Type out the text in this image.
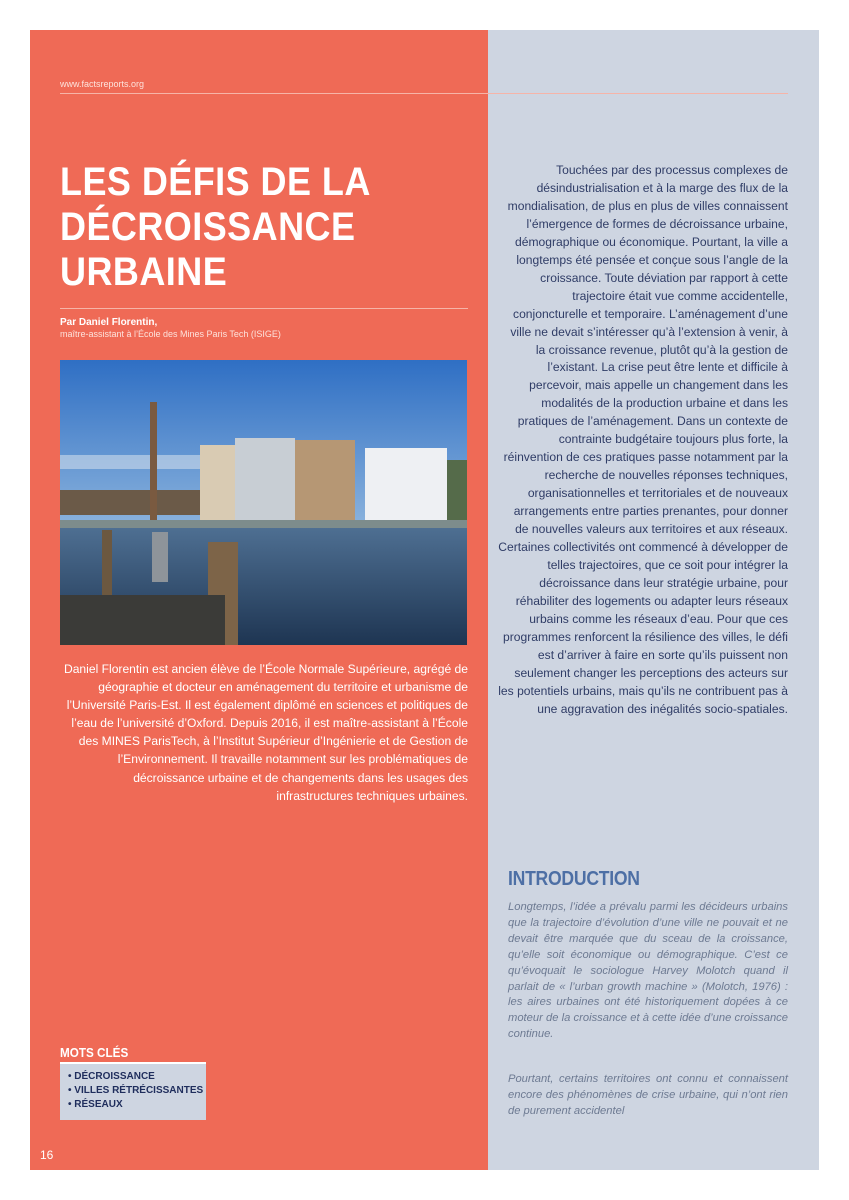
www.factsreports.org
LES DÉFIS DE LA DÉCROISSANCE URBAINE
Par Daniel Florentin,
maître-assistant à l’École des Mines Paris Tech (ISIGE)

Daniel Florentin est ancien élève de l’École Normale Supérieure, agrégé de géographie et docteur en aménagement du territoire et urbanisme de l’Université Paris-Est. Il est également diplômé en sciences et politiques de l’eau de l’université d’Oxford. Depuis 2016, il est maître-assistant à l’École des MINES ParisTech, à l’Institut Supérieur d’Ingénierie et de Gestion de l’Environnement. Il travaille notamment sur les problématiques de décroissance urbaine et de changements dans les usages des infrastructures techniques urbaines.

Touchées par des processus complexes de désindustrialisation et à la marge des flux de la mondialisation, de plus en plus de villes connaissent l’émergence de formes de décroissance urbaine, démographique ou économique. Pourtant, la ville a longtemps été pensée et conçue sous l’angle de la croissance. Toute déviation par rapport à cette trajectoire était vue comme accidentelle, conjoncturelle et temporaire. L’aménagement d’une ville ne devait s’intéresser qu’à l’extension à venir, à la croissance revenue, plutôt qu’à la gestion de l’existant. La crise peut être lente et difficile à percevoir, mais appelle un changement dans les modalités de la production urbaine et dans les pratiques de l’aménagement. Dans un contexte de contrainte budgétaire toujours plus forte, la réinvention de ces pratiques passe notamment par la recherche de nouvelles réponses techniques, organisationnelles et territoriales et de nouveaux arrangements entre parties prenantes, pour donner de nouvelles valeurs aux territoires et aux réseaux. Certaines collectivités ont commencé à développer de telles trajectoires, que ce soit pour intégrer la décroissance dans leur stratégie urbaine, pour réhabiliter des logements ou adapter leurs réseaux urbains comme les réseaux d’eau. Pour que ces programmes renforcent la résilience des villes, le défi est d’arriver à faire en sorte qu’ils puissent non seulement changer les perceptions des acteurs sur les potentiels urbains, mais qu’ils ne contribuent pas à une aggravation des inégalités socio-spatiales.

INTRODUCTION

Longtemps, l’idée a prévalu parmi les décideurs urbains que la trajectoire d’évolution d’une ville ne pouvait et ne devait être marquée que du sceau de la croissance, qu’elle soit économique ou démographique. C’est ce qu’évoquait le sociologue Harvey Molotch quand il parlait de « l’urban growth machine » (Molotch, 1976) : les aires urbaines ont été historiquement dopées à ce moteur de la croissance et à cette idée d’une croissance continue.

Pourtant, certains territoires ont connu et connaissent encore des phénomènes de crise urbaine, qui n’ont rien de purement accidentel

MOTS CLÉS
• DÉCROISSANCE
• VILLES RÉTRÉCISSANTES
• RÉSEAUX
16
